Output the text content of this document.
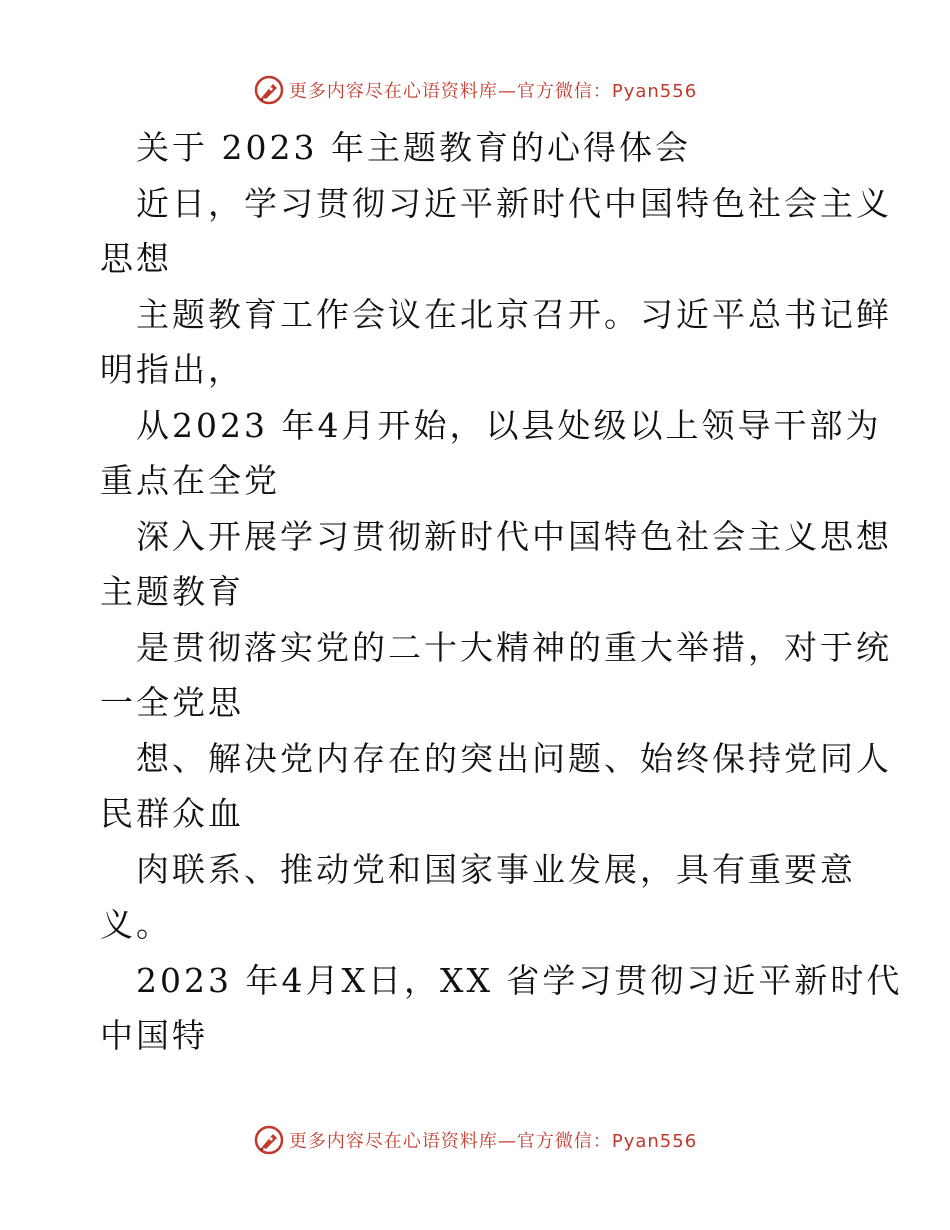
更多内容尽在心语资料库—官方微信：Pyan556
关于 2023 年主题教育的心得体会
近日，学习贯彻习近平新时代中国特色社会主义
思想
主题教育工作会议在北京召开。习近平总书记鲜
明指出，
从2023 年4月开始，以县处级以上领导干部为
重点在全党
深入开展学习贯彻新时代中国特色社会主义思想
主题教育
是贯彻落实党的二十大精神的重大举措，对于统
一全党思
想、解决党内存在的突出问题、始终保持党同人
民群众血
肉联系、推动党和国家事业发展，具有重要意
义。
2023 年4月X日，XX 省学习贯彻习近平新时代
中国特
更多内容尽在心语资料库—官方微信：Pyan556
